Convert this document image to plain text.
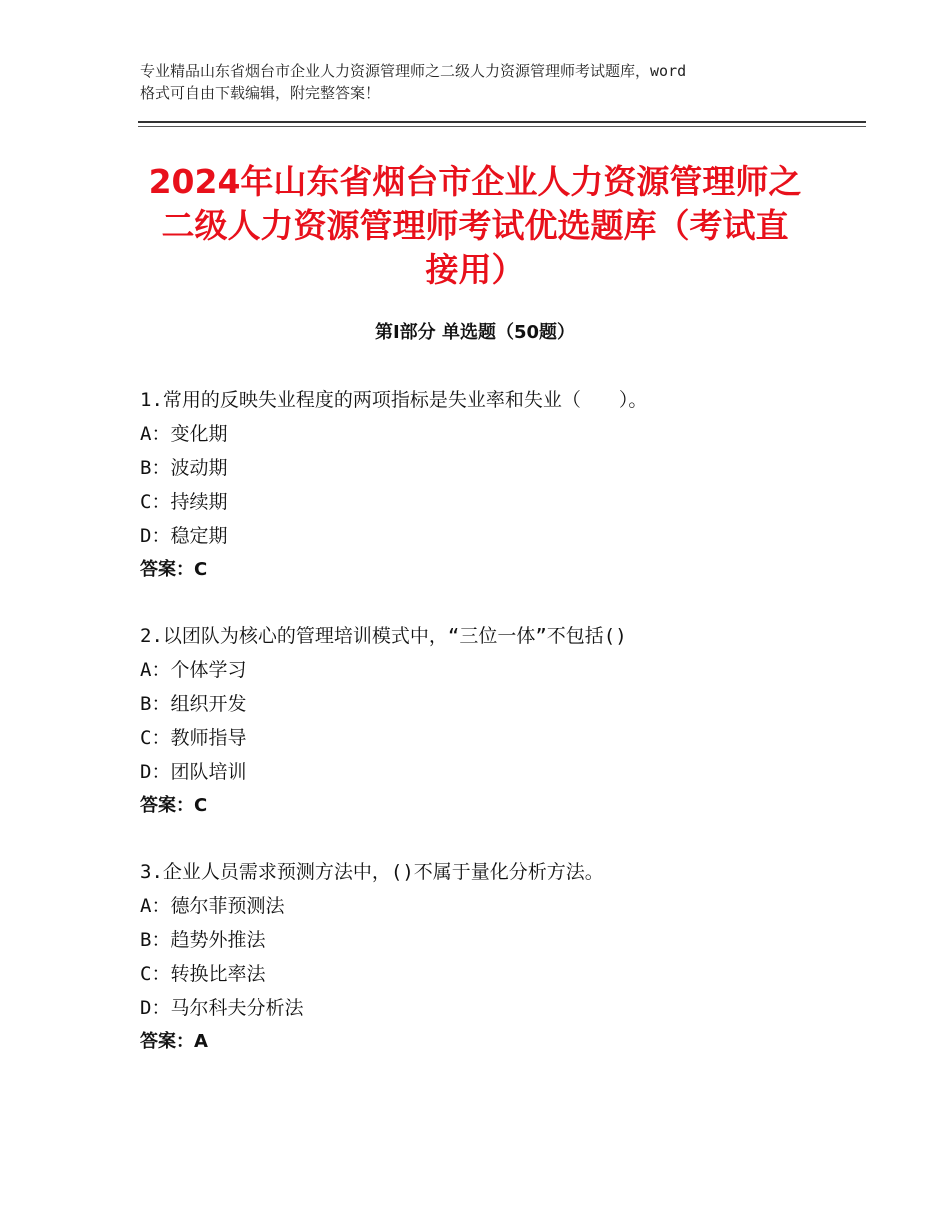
专业精品山东省烟台市企业人力资源管理师之二级人力资源管理师考试题库，word
格式可自由下载编辑，附完整答案！
2024年山东省烟台市企业人力资源管理师之
二级人力资源管理师考试优选题库（考试直
接用）
第Ⅰ部分 单选题（50题）
1.常用的反映失业程度的两项指标是失业率和失业（　　）。
A：变化期
B：波动期
C：持续期
D：稳定期
答案：C
2.以团队为核心的管理培训模式中，“三位一体”不包括()
A：个体学习
B：组织开发
C：教师指导
D：团队培训
答案：C
3.企业人员需求预测方法中，()不属于量化分析方法。
A：德尔菲预测法
B：趋势外推法
C：转换比率法
D：马尔科夫分析法
答案：A
